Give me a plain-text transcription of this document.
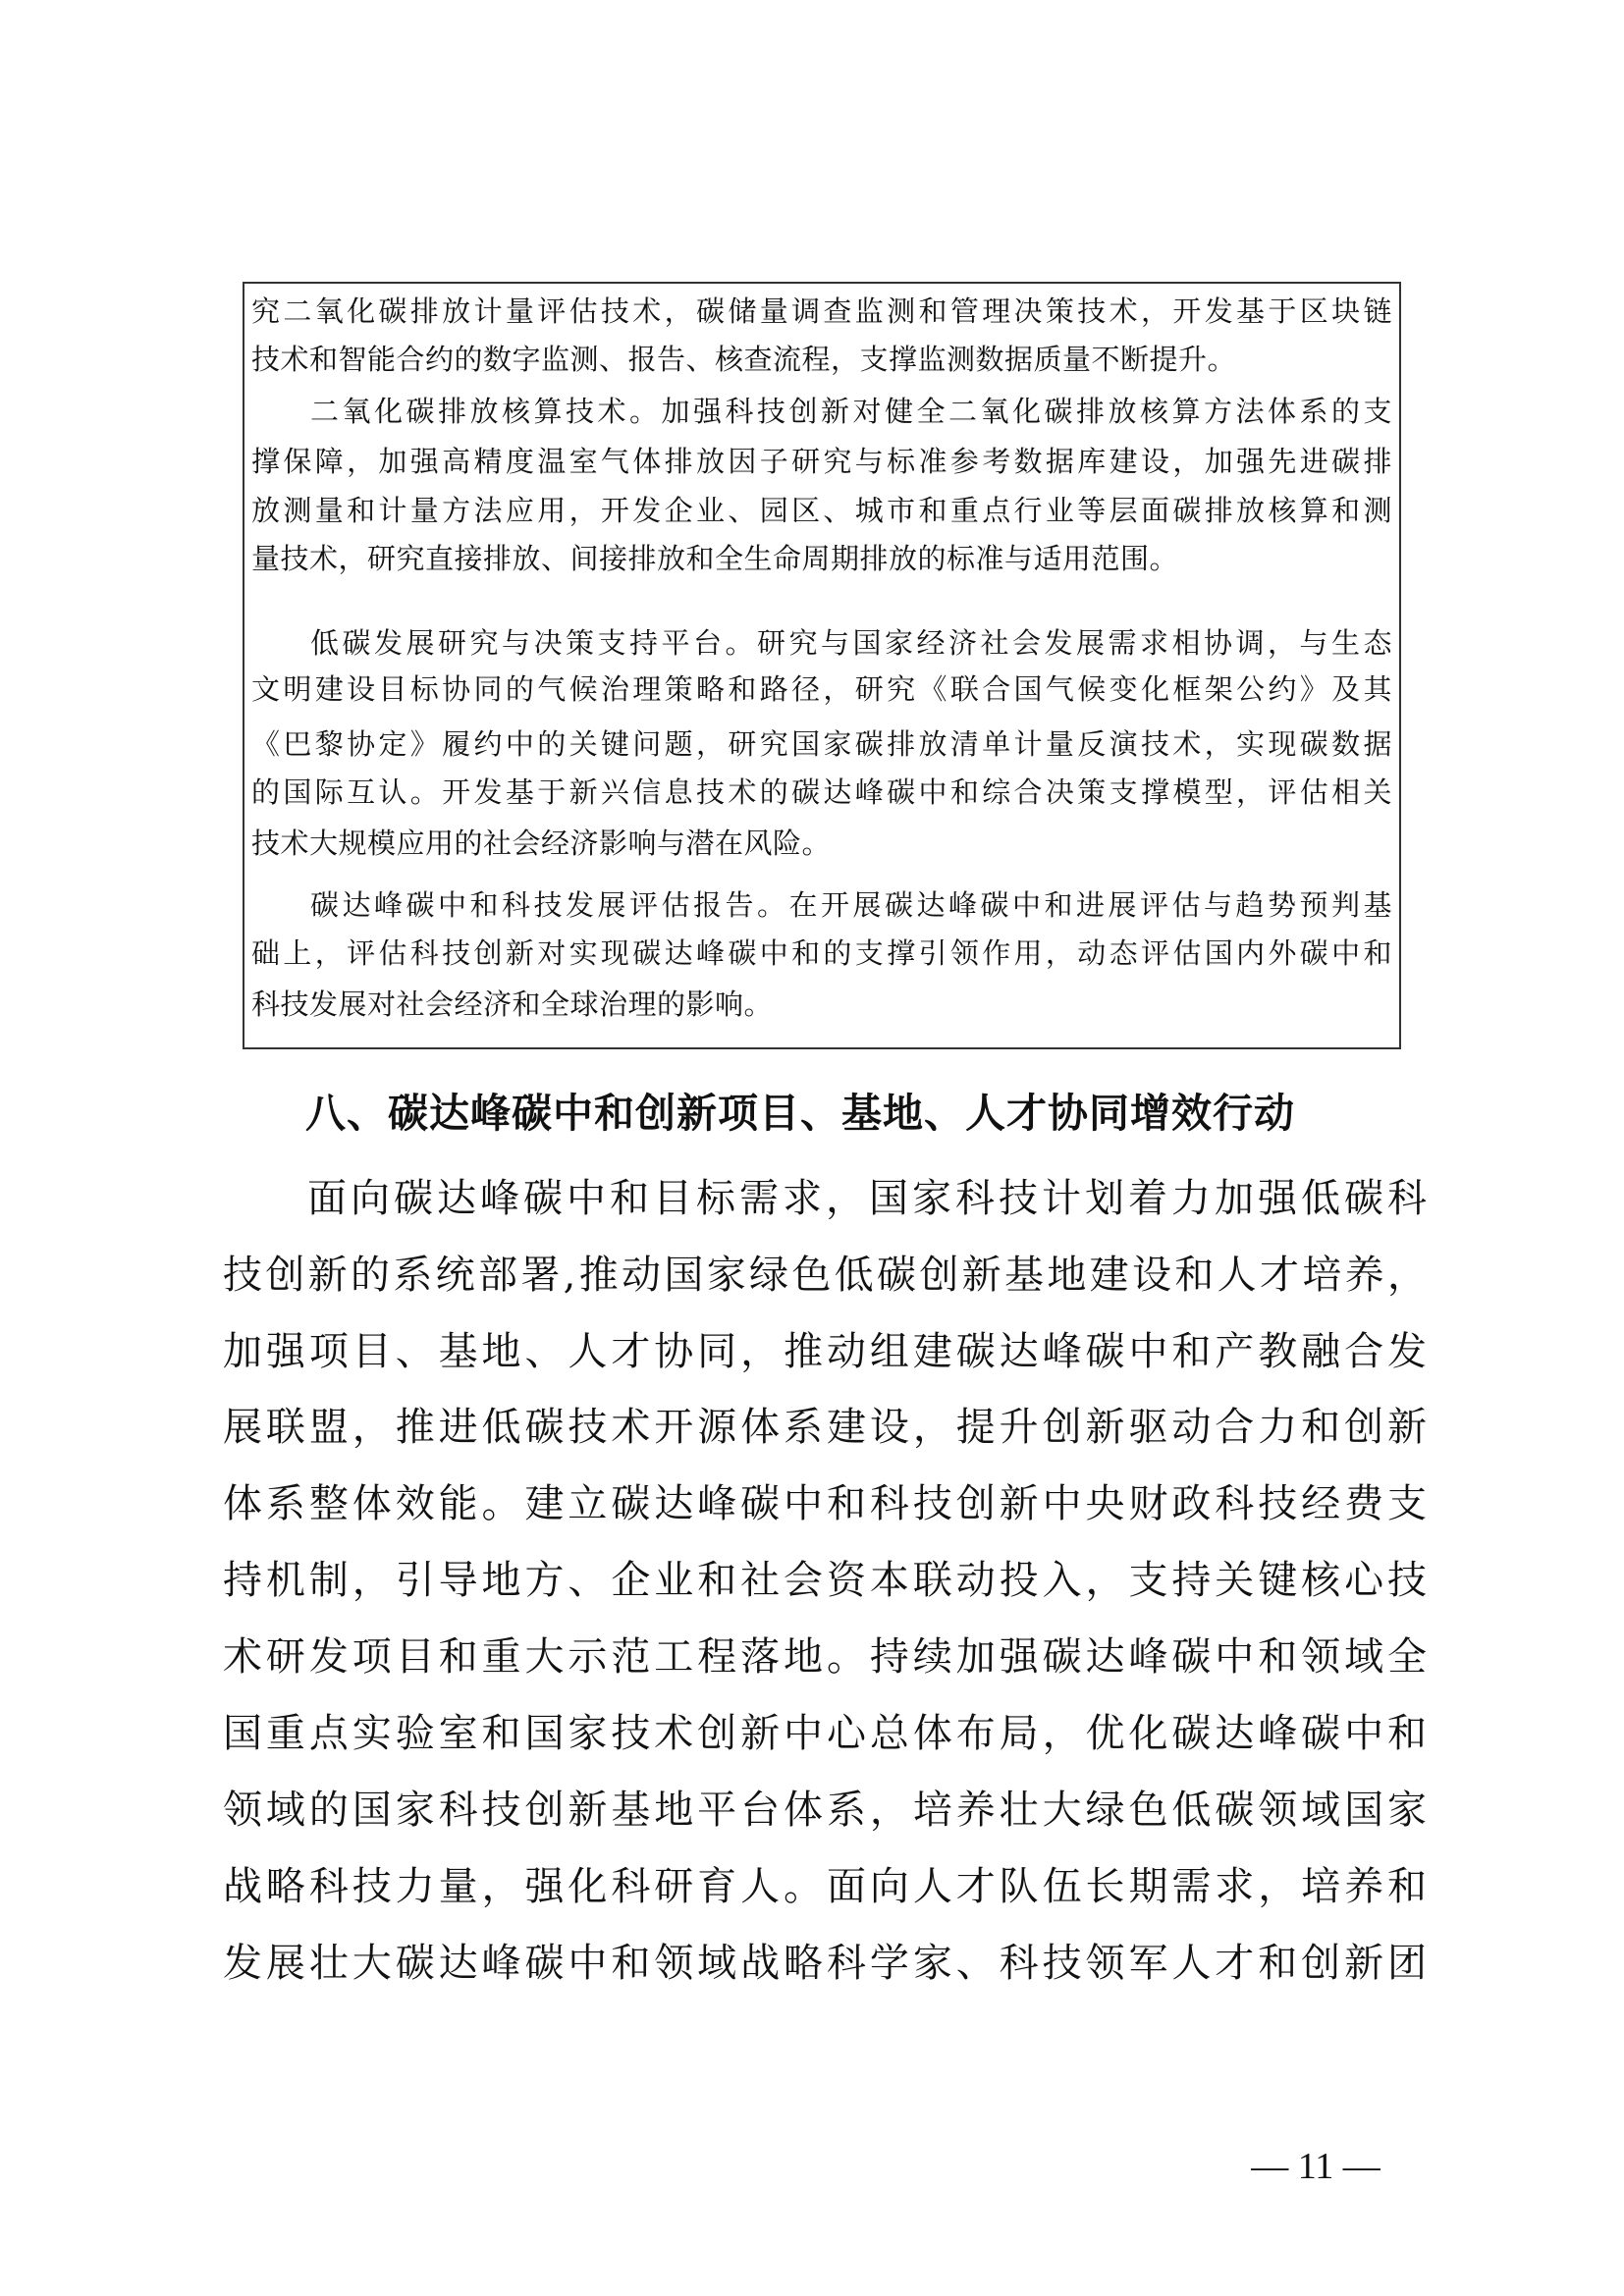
究二氧化碳排放计量评估技术，碳储量调查监测和管理决策技术，开发基于区块链
技术和智能合约的数字监测、报告、核查流程，支撑监测数据质量不断提升。
二氧化碳排放核算技术。加强科技创新对健全二氧化碳排放核算方法体系的支
撑保障，加强高精度温室气体排放因子研究与标准参考数据库建设，加强先进碳排
放测量和计量方法应用，开发企业、园区、城市和重点行业等层面碳排放核算和测
量技术，研究直接排放、间接排放和全生命周期排放的标准与适用范围。
低碳发展研究与决策支持平台。研究与国家经济社会发展需求相协调，与生态
文明建设目标协同的气候治理策略和路径，研究《联合国气候变化框架公约》及其
《巴黎协定》履约中的关键问题，研究国家碳排放清单计量反演技术，实现碳数据
的国际互认。开发基于新兴信息技术的碳达峰碳中和综合决策支撑模型，评估相关
技术大规模应用的社会经济影响与潜在风险。
碳达峰碳中和科技发展评估报告。在开展碳达峰碳中和进展评估与趋势预判基
础上，评估科技创新对实现碳达峰碳中和的支撑引领作用，动态评估国内外碳中和
科技发展对社会经济和全球治理的影响。
八、碳达峰碳中和创新项目、基地、人才协同增效行动
面向碳达峰碳中和目标需求，国家科技计划着力加强低碳科
技创新的系统部署,推动国家绿色低碳创新基地建设和人才培养，
加强项目、基地、人才协同，推动组建碳达峰碳中和产教融合发
展联盟，推进低碳技术开源体系建设，提升创新驱动合力和创新
体系整体效能。建立碳达峰碳中和科技创新中央财政科技经费支
持机制，引导地方、企业和社会资本联动投入，支持关键核心技
术研发项目和重大示范工程落地。持续加强碳达峰碳中和领域全
国重点实验室和国家技术创新中心总体布局，优化碳达峰碳中和
领域的国家科技创新基地平台体系，培养壮大绿色低碳领域国家
战略科技力量，强化科研育人。面向人才队伍长期需求，培养和
发展壮大碳达峰碳中和领域战略科学家、科技领军人才和创新团
— 11 —
